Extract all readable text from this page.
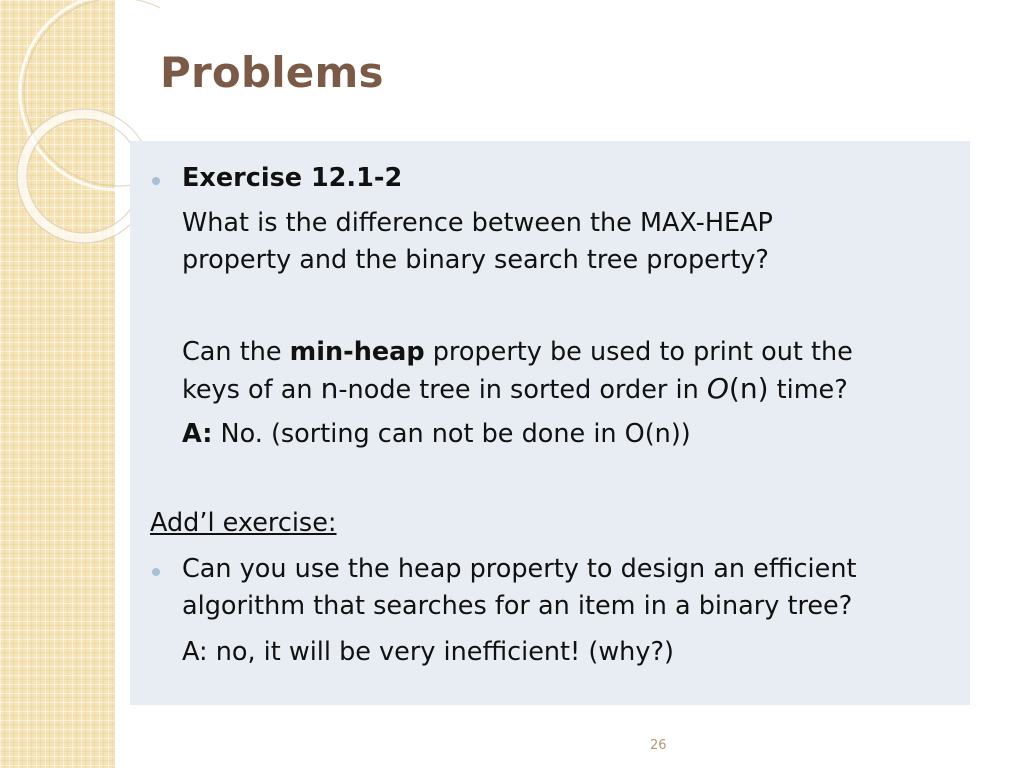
Problems
Exercise 12.1-2
What is the difference between the MAX-HEAP
property and the binary search tree property?
Can the min-heap property be used to print out the
keys of an n-node tree in sorted order in O(n) time?
A: No. (sorting can not be done in O(n))
Add’l exercise:
Can you use the heap property to design an efficient
algorithm that searches for an item in a binary tree?
A: no, it will be very inefficient! (why?)
26
